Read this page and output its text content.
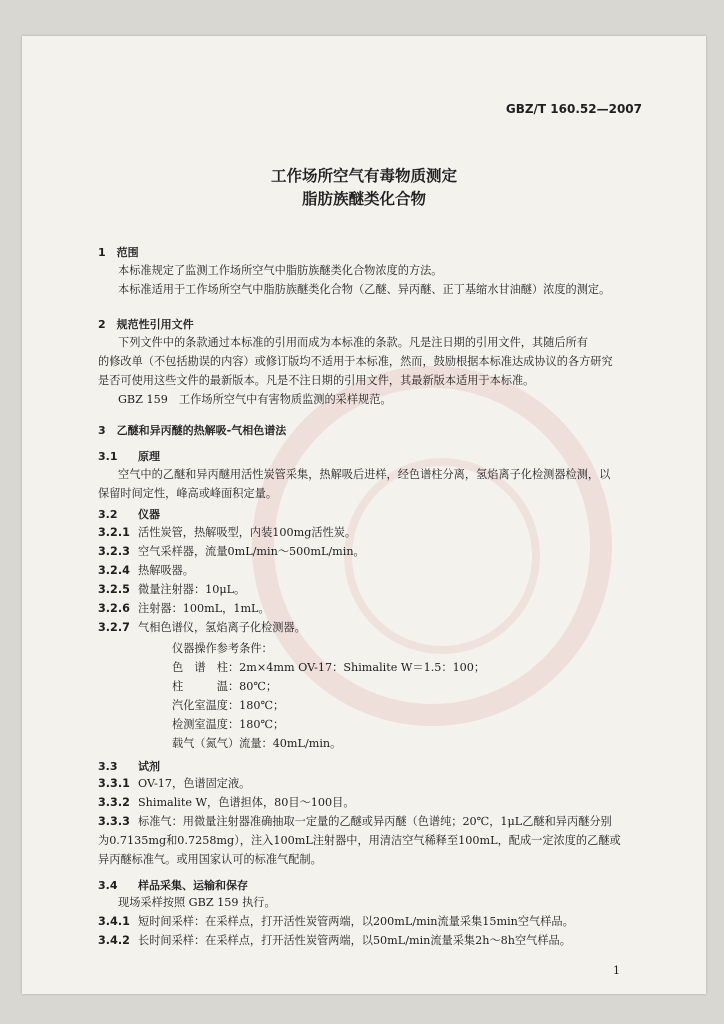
GBZ/T 160.52—2007
工作场所空气有毒物质测定
脂肪族醚类化合物
1　范围
本标准规定了监测工作场所空气中脂肪族醚类化合物浓度的方法。
本标准适用于工作场所空气中脂肪族醚类化合物（乙醚、异丙醚、正丁基缩水甘油醚）浓度的测定。
2　规范性引用文件
下列文件中的条款通过本标准的引用而成为本标准的条款。凡是注日期的引用文件，其随后所有
的修改单（不包括勘误的内容）或修订版均不适用于本标准，然而，鼓励根据本标准达成协议的各方研究
是否可使用这些文件的最新版本。凡是不注日期的引用文件，其最新版本适用于本标准。
GBZ 159　工作场所空气中有害物质监测的采样规范。
3　乙醚和异丙醚的热解吸-气相色谱法
3.1 原理
空气中的乙醚和异丙醚用活性炭管采集，热解吸后进样，经色谱柱分离，氢焰离子化检测器检测，以
保留时间定性，峰高或峰面积定量。
3.2 仪器
3.2.1 活性炭管，热解吸型，内装100mg活性炭。
3.2.3 空气采样器，流量0mL/min～500mL/min。
3.2.4 热解吸器。
3.2.5 微量注射器：10μL。
3.2.6 注射器：100mL，1mL。
3.2.7 气相色谱仪，氢焰离子化检测器。
仪器操作参考条件：
色　谱　柱：2m×4mm OV-17：Shimalite W＝1.5：100；
柱　　　温：80℃；
汽化室温度：180℃；
检测室温度：180℃；
载气（氮气）流量：40mL/min。
3.3 试剂
3.3.1 OV-17，色谱固定液。
3.3.2 Shimalite W，色谱担体，80目～100目。
3.3.3 标准气：用微量注射器准确抽取一定量的乙醚或异丙醚（色谱纯；20℃，1μL乙醚和异丙醚分别
为0.7135mg和0.7258mg），注入100mL注射器中，用清洁空气稀释至100mL，配成一定浓度的乙醚或
异丙醚标准气。或用国家认可的标准气配制。
3.4 样品采集、运输和保存
现场采样按照 GBZ 159 执行。
3.4.1 短时间采样：在采样点，打开活性炭管两端，以200mL/min流量采集15min空气样品。
3.4.2 长时间采样：在采样点，打开活性炭管两端，以50mL/min流量采集2h～8h空气样品。
1
